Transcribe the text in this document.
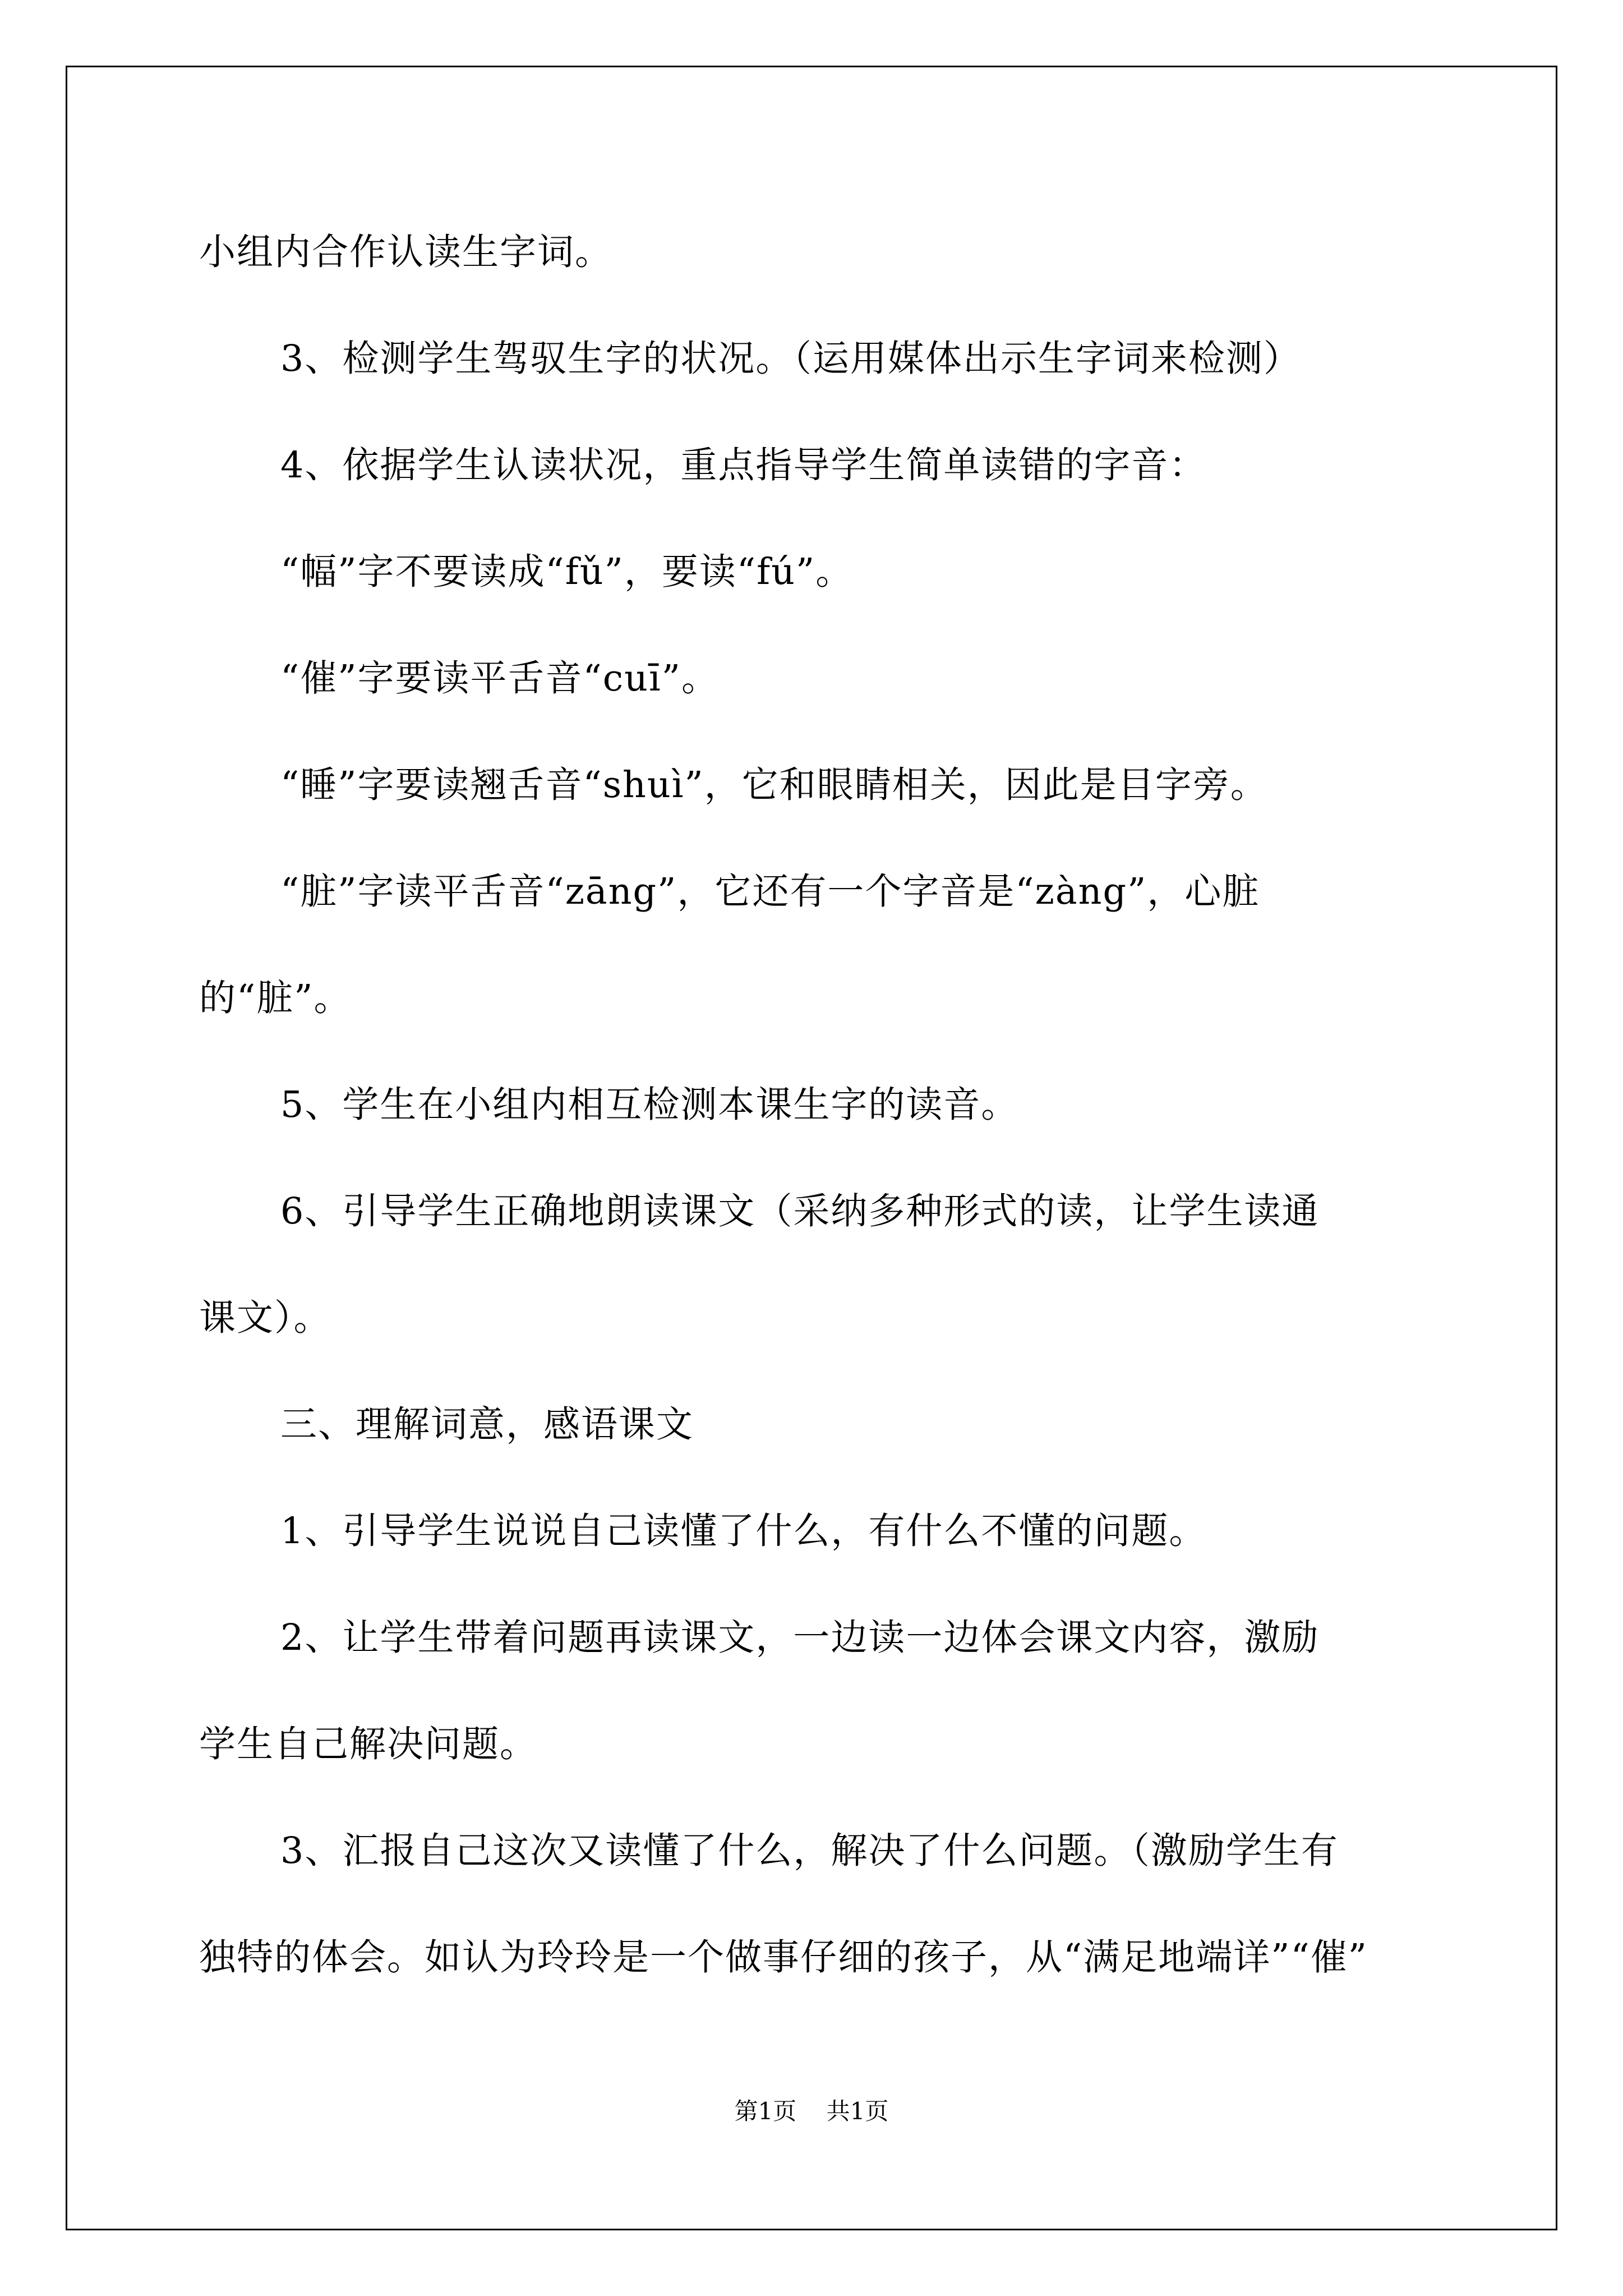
小组内合作认读生字词。
3、检测学生驾驭生字的状况。（运用媒体出示生字词来检测）
4、依据学生认读状况，重点指导学生简单读错的字音：
“幅”字不要读成“fǔ”，要读“fú”。
“催”字要读平舌音“cuī”。
“睡”字要读翘舌音“shuì”，它和眼睛相关，因此是目字旁。
“脏”字读平舌音“zāng”，它还有一个字音是“zàng”，心脏
的“脏”。
5、学生在小组内相互检测本课生字的读音。
6、引导学生正确地朗读课文（采纳多种形式的读，让学生读通
课文）。
三、理解词意，感语课文
1、引导学生说说自己读懂了什么，有什么不懂的问题。
2、让学生带着问题再读课文，一边读一边体会课文内容，激励
学生自己解决问题。
3、汇报自己这次又读懂了什么，解决了什么问题。（激励学生有
独特的体会。如认为玲玲是一个做事仔细的孩子，从“满足地端详”“催”
第1页    共1页
